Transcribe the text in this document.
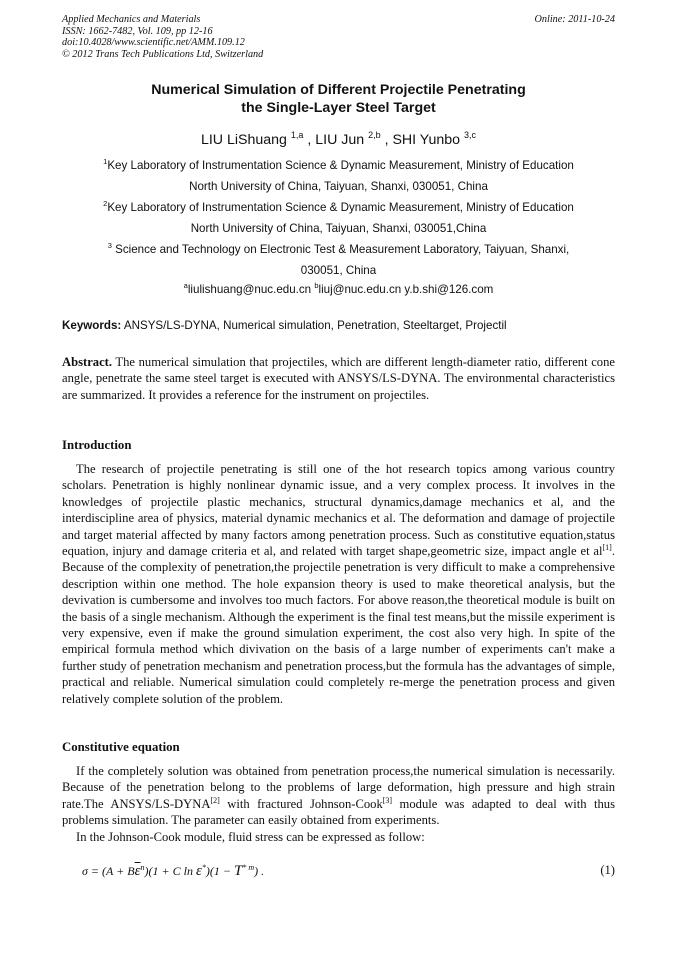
Applied Mechanics and Materials
ISSN: 1662-7482, Vol. 109, pp 12-16
doi:10.4028/www.scientific.net/AMM.109.12
© 2012 Trans Tech Publications Ltd, Switzerland
Online: 2011-10-24
Numerical Simulation of Different Projectile Penetrating
the Single-Layer Steel Target
LIU LiShuang $^{1,a}$ , LIU Jun $^{2,b}$ , SHI Yunbo $^{3,c}$
$^1$Key Laboratory of Instrumentation Science & Dynamic Measurement, Ministry of Education
North University of China, Taiyuan, Shanxi, 030051, China
$^2$Key Laboratory of Instrumentation Science & Dynamic Measurement, Ministry of Education
North University of China, Taiyuan, Shanxi, 030051,China
$^3$ Science and Technology on Electronic Test & Measurement Laboratory, Taiyuan, Shanxi,
030051, China
$^a$liulishuang@nuc.edu.cn $^b$liuj@nuc.edu.cn y.b.shi@126.com
Keywords: ANSYS/LS-DYNA, Numerical simulation, Penetration, Steeltarget, Projectil

Abstract. The numerical simulation that projectiles, which are different length-diameter ratio, different cone angle, penetrate the same steel target is executed with ANSYS/LS-DYNA. The environmental characteristics are summarized. It provides a reference for the instrument on projectiles.

Introduction

The research of projectile penetrating is still one of the hot research topics among various country scholars. Penetration is highly nonlinear dynamic issue, and a very complex process. It involves in the knowledges of projectile plastic mechanics, structural dynamics,damage mechanics et al, and the interdiscipline area of physics, material dynamic mechanics et al. The deformation and damage of projectile and target material affected by many factors among penetration process. Such as constitutive equation,status equation, injury and damage criteria et al, and related with target shape,geometric size, impact angle et al[1]. Because of the complexity of penetration,the projectile penetration is very difficult to make a comprehensive description within one method. The hole expansion theory is used to make theoretical analysis, but the devivation is cumbersome and involves too much factors. For above reason,the theoretical module is built on the basis of a single mechanism. Although the experiment is the final test means,but the missile experiment is very expensive, even if make the ground simulation experiment, the cost also very high. In spite of the empirical formula method which divivation on the basis of a large number of experiments can't make a further study of penetration mechanism and penetration process,but the formula has the advantages of simple, practical and reliable. Numerical simulation could completely re-merge the penetration process and given relatively complete solution of the problem.

Constitutive equation

If the completely solution was obtained from penetration process,the numerical simulation is necessarily. Because of the penetration belong to the problems of large deformation, high pressure and high strain rate.The ANSYS/LS-DYNA[2] with fractured Johnson-Cook[3] module was adapted to deal with thus problems simulation. The parameter can easily obtained from experiments.

In the Johnson-Cook module, fluid stress can be expressed as follow:

$\sigma = (A + B\overline{\varepsilon}^n)(1 + C$ $\ln \varepsilon^*)(1 - T^{* m})$ .	(1)
